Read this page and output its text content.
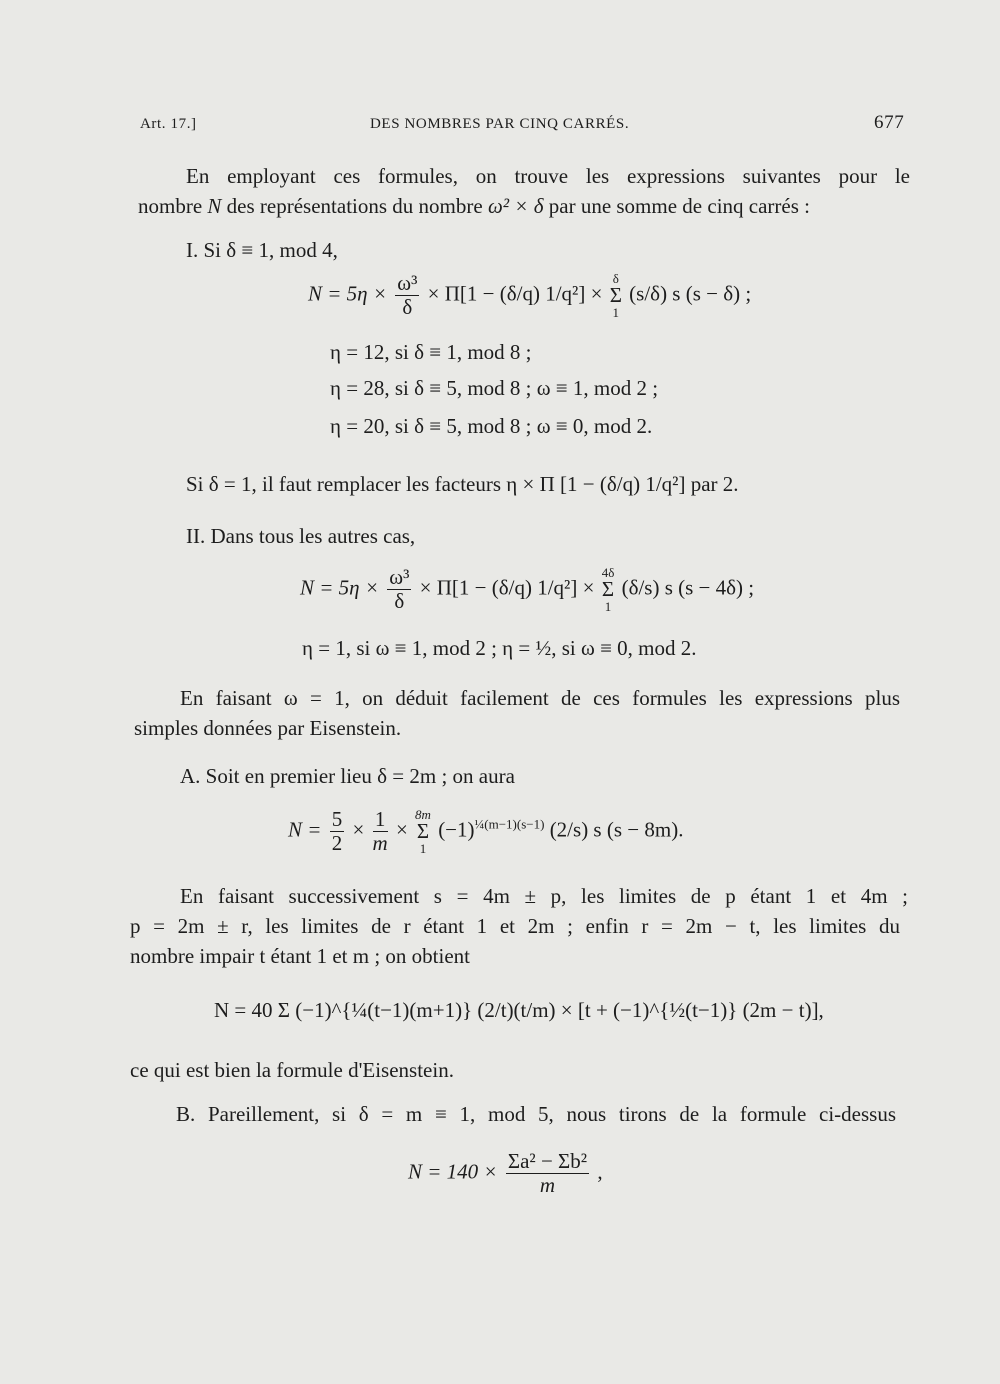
Art. 17.]	DES NOMBRES PAR CINQ CARRÉS.	677
En employant ces formules, on trouve les expressions suivantes pour le
nombre N des représentations du nombre ω² × δ par une somme de cinq carrés :
I. Si δ ≡ 1, mod 4,
$N = 5\eta \times \frac{\text{ω³}}{\delta} \times \Pi[1 - (\delta/q) 1/q^2]$ ×
δ
Σ
1
(s/δ) s (s − δ) ;
η = 12, si δ ≡ 1, mod 8 ;
η = 28, si δ ≡ 5, mod 8 ; ω ≡ 1, mod 2 ;
η = 20, si δ ≡ 5, mod 8 ; ω ≡ 0, mod 2.
Si δ = 1, il faut remplacer les facteurs η × Π [1 − (δ/q) 1/q²] par 2.
II. Dans tous les autres cas,
$N = 5\eta \times \frac{\text{ω³}}{\delta} \times \Pi[1 - (\delta/q) 1/q^2]$ ×
4δ
Σ
1
(δ/s) s (s − 4δ) ;
η = 1, si ω ≡ 1, mod 2 ; η = ½, si ω ≡ 0, mod 2.
En faisant ω = 1, on déduit facilement de ces formules les expressions plus
simples données par Eisenstein.
A. Soit en premier lieu δ = 2m ; on aura
$N = \frac{5}{2} \times \frac{1}{m}$ ×
8m
Σ
1
$(-1)^{\frac{1}{4}(m-1)(s-1)}$ (2/s) s (s − 8m).
En faisant successivement s = 4m ± p, les limites de p étant 1 et 4m ;
p = 2m ± r, les limites de r étant 1 et 2m ; enfin r = 2m − t, les limites du
nombre impair t étant 1 et m ; on obtient
N = 40 Σ (−1)^{¼(t−1)(m+1)} (2/t)(t/m) × [t + (−1)^{½(t−1)} (2m − t)],
ce qui est bien la formule d'Eisenstein.
B. Pareillement, si δ = m ≡ 1, mod 5, nous tirons de la formule ci-dessus
$N = 140 \times \frac{\text{Σa² − Σb²}}{m}$ ,
